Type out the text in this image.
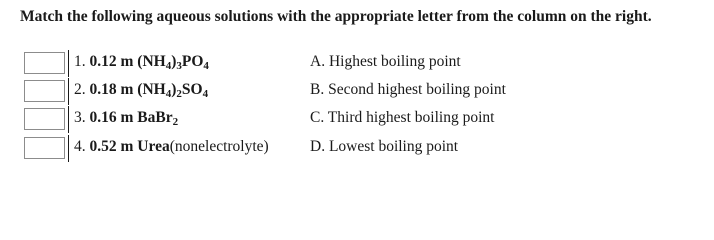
Match the following aqueous solutions with the appropriate letter from the column on the right.
1. 0.12 m $(NH_4)_3PO_4$	A. Highest boiling point
2. 0.18 m $(NH_4)_2SO_4$	B. Second highest boiling point
3. 0.16 m BaBr$_2$	C. Third highest boiling point
4. 0.52 m Urea(nonelectrolyte)	D. Lowest boiling point
